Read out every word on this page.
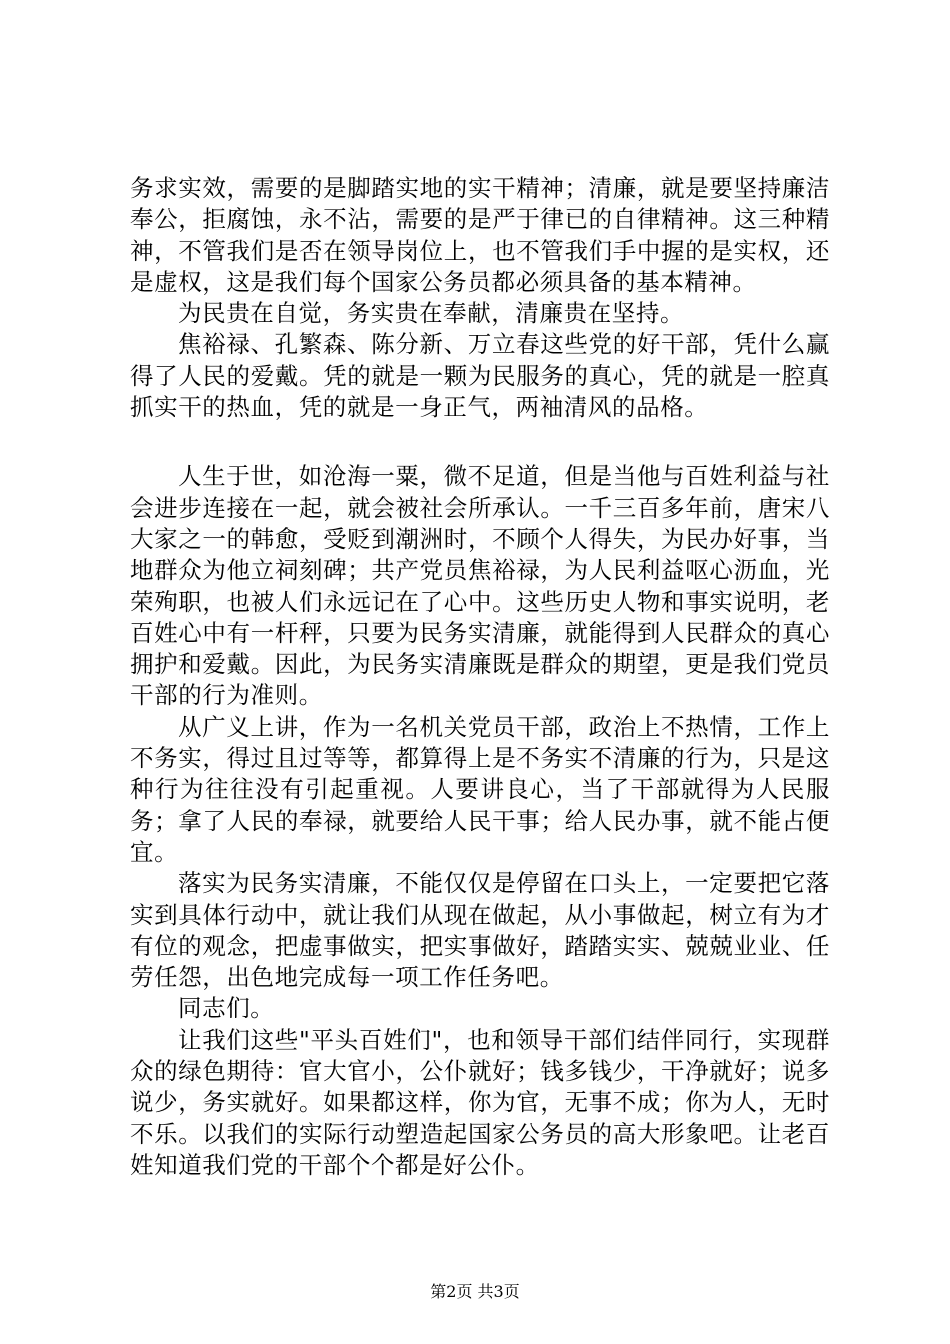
务求实效，需要的是脚踏实地的实干精神；清廉，就是要坚持廉洁奉公，拒腐蚀，永不沾，需要的是严于律已的自律精神。这三种精神，不管我们是否在领导岗位上，也不管我们手中握的是实权，还是虚权，这是我们每个国家公务员都必须具备的基本精神。

为民贵在自觉，务实贵在奉献，清廉贵在坚持。

焦裕禄、孔繁森、陈分新、万立春这些党的好干部，凭什么赢得了人民的爱戴。凭的就是一颗为民服务的真心，凭的就是一腔真抓实干的热血，凭的就是一身正气，两袖清风的品格。

人生于世，如沧海一粟，微不足道，但是当他与百姓利益与社会进步连接在一起，就会被社会所承认。一千三百多年前，唐宋八大家之一的韩愈，受贬到潮洲时，不顾个人得失，为民办好事，当地群众为他立祠刻碑；共产党员焦裕禄，为人民利益呕心沥血，光荣殉职，也被人们永远记在了心中。这些历史人物和事实说明，老百姓心中有一杆秤，只要为民务实清廉，就能得到人民群众的真心拥护和爱戴。因此，为民务实清廉既是群众的期望，更是我们党员干部的行为准则。

从广义上讲，作为一名机关党员干部，政治上不热情，工作上不务实，得过且过等等，都算得上是不务实不清廉的行为，只是这种行为往往没有引起重视。人要讲良心，当了干部就得为人民服务；拿了人民的奉禄，就要给人民干事；给人民办事，就不能占便宜。

落实为民务实清廉，不能仅仅是停留在口头上，一定要把它落实到具体行动中，就让我们从现在做起，从小事做起，树立有为才有位的观念，把虚事做实，把实事做好，踏踏实实、兢兢业业、任劳任怨，出色地完成每一项工作任务吧。

同志们。

让我们这些"平头百姓们"，也和领导干部们结伴同行，实现群众的绿色期待：官大官小，公仆就好；钱多钱少，干净就好；说多说少，务实就好。如果都这样，你为官，无事不成；你为人，无时不乐。以我们的实际行动塑造起国家公务员的高大形象吧。让老百姓知道我们党的干部个个都是好公仆。

第2页 共3页
